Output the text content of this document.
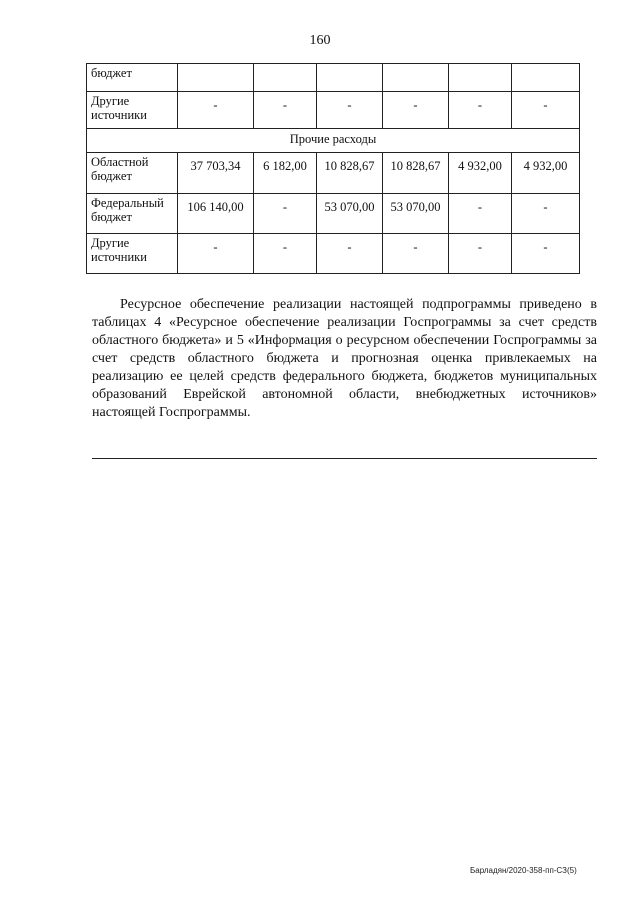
160
бюджет						
Другие источники	-	-	-	-	-	-
Прочие расходы						
Областной бюджет	37 703,34	6 182,00	10 828,67	10 828,67	4 932,00	4 932,00
Федеральный бюджет	106 140,00	-	53 070,00	53 070,00	-	-
Другие источники	-	-	-	-	-	-

Ресурсное обеспечение реализации настоящей подпрограммы приведено в таблицах 4 «Ресурсное обеспечение реализации Госпрограммы за счет средств областного бюджета» и 5 «Информация о ресурсном обеспечении Госпрограммы за счет средств областного бюджета и прогнозная оценка привлекаемых на реализацию ее целей средств федерального бюджета, бюджетов муниципальных образований Еврейской автономной области, внебюджетных источников» настоящей Госпрограммы.

Барладян/2020-358-пп-СЗ(5)
